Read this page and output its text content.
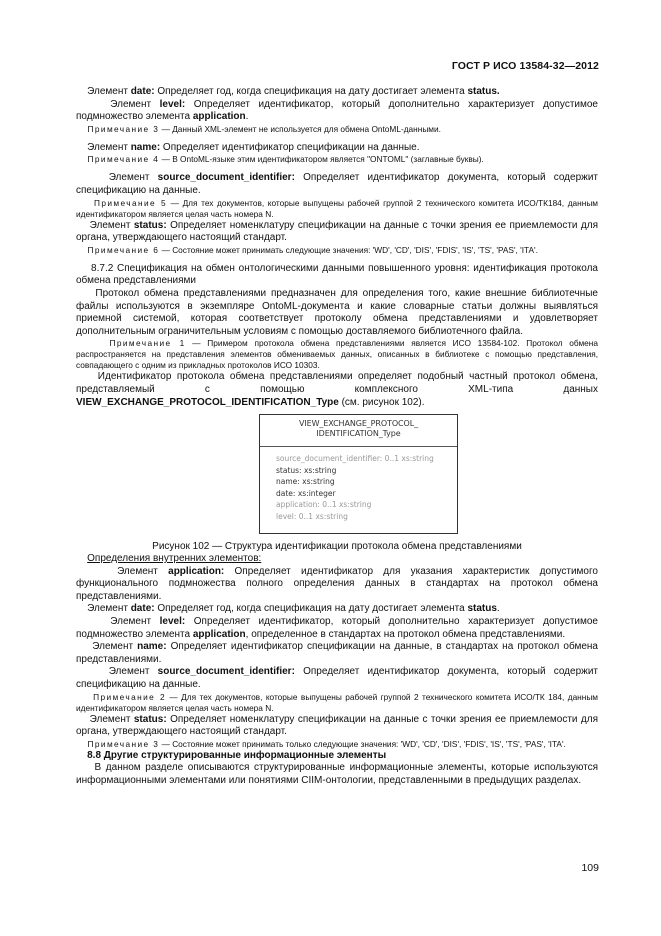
ГОСТ Р ИСО 13584-32—2012

Элемент date: Определяет год, когда спецификация на дату достигает элемента status.

Элемент level: Определяет идентификатор, который дополнительно характеризует допустимое подмножество элемента application.

Примечание 3 — Данный XML-элемент не используется для обмена OntoML-данными.

Элемент name: Определяет идентификатор спецификации на данные.

Примечание 4 — В OntoML-языке этим идентификатором является "ONTOML" (заглавные буквы).

Элемент source_document_identifier: Определяет идентификатор документа, который содержит спецификацию на данные.

Примечание 5 — Для тех документов, которые выпущены рабочей группой 2 технического комитета ИСО/ТК184, данным идентификатором является целая часть номера N.

Элемент status: Определяет номенклатуру спецификации на данные с точки зрения ее приемлемости для органа, утверждающего настоящий стандарт.

Примечание 6 — Состояние может принимать следующие значения: 'WD', 'CD', 'DIS', 'FDIS', 'IS', 'TS', 'PAS', 'ITA'.

8.7.2 Спецификация на обмен онтологическими данными повышенного уровня: идентификация протокола обмена представлениями

Протокол обмена представлениями предназначен для определения того, какие внешние библиотечные файлы используются в экземпляре OntoML-документа и какие словарные статьи должны выявляться приемной системой, которая соответствует протоколу обмена представлениями и удовлетворяет дополнительным ограничительным условиям с помощью доставляемого библиотечного файла.

Примечание 1 — Примером протокола обмена представлениями является ИСО 13584-102. Протокол обмена распространяется на представления элементов обмениваемых данных, описанных в библиотеке с помощью представления, совпадающего с одним из прикладных протоколов ИСО 10303.

Идентификатор протокола обмена представлениями определяет подобный частный протокол обмена, представляемый с помощью комплексного XML-типа данных VIEW_EXCHANGE_PROTOCOL_IDENTIFICATION_Type (см. рисунок 102).

VIEW_EXCHANGE_PROTOCOL_
IDENTIFICATION_Type
source_document_identifier: 0..1 xs:string
status: xs:string
name: xs:string
date: xs:integer
application: 0..1 xs:string
level: 0..1 xs:string
Рисунок 102 — Структура идентификации протокола обмена представлениями

Определения внутренних элементов:

Элемент application: Определяет идентификатор для указания характеристик допустимого функционального подмножества полного определения данных в стандартах на протокол обмена представлениями.

Элемент date: Определяет год, когда спецификация на дату достигает элемента status.

Элемент level: Определяет идентификатор, который дополнительно характеризует допустимое подмножество элемента application, определенное в стандартах на протокол обмена представлениями.

Элемент name: Определяет идентификатор спецификации на данные, в стандартах на протокол обмена представлениями.

Элемент source_document_identifier: Определяет идентификатор документа, который содержит спецификацию на данные.

Примечание 2 — Для тех документов, которые выпущены рабочей группой 2 технического комитета ИСО/ТК 184, данным идентификатором является целая часть номера N.

Элемент status: Определяет номенклатуру спецификации на данные с точки зрения ее приемлемости для органа, утверждающего настоящий стандарт.

Примечание 3 — Состояние может принимать только следующие значения: 'WD', 'CD', 'DIS', 'FDIS', 'IS', 'TS', 'PAS', 'ITA'.

8.8 Другие структурированные информационные элементы

В данном разделе описываются структурированные информационные элементы, которые используются информационными элементами или понятиями CIIM-онтологии, представленными в предыдущих разделах.

109
